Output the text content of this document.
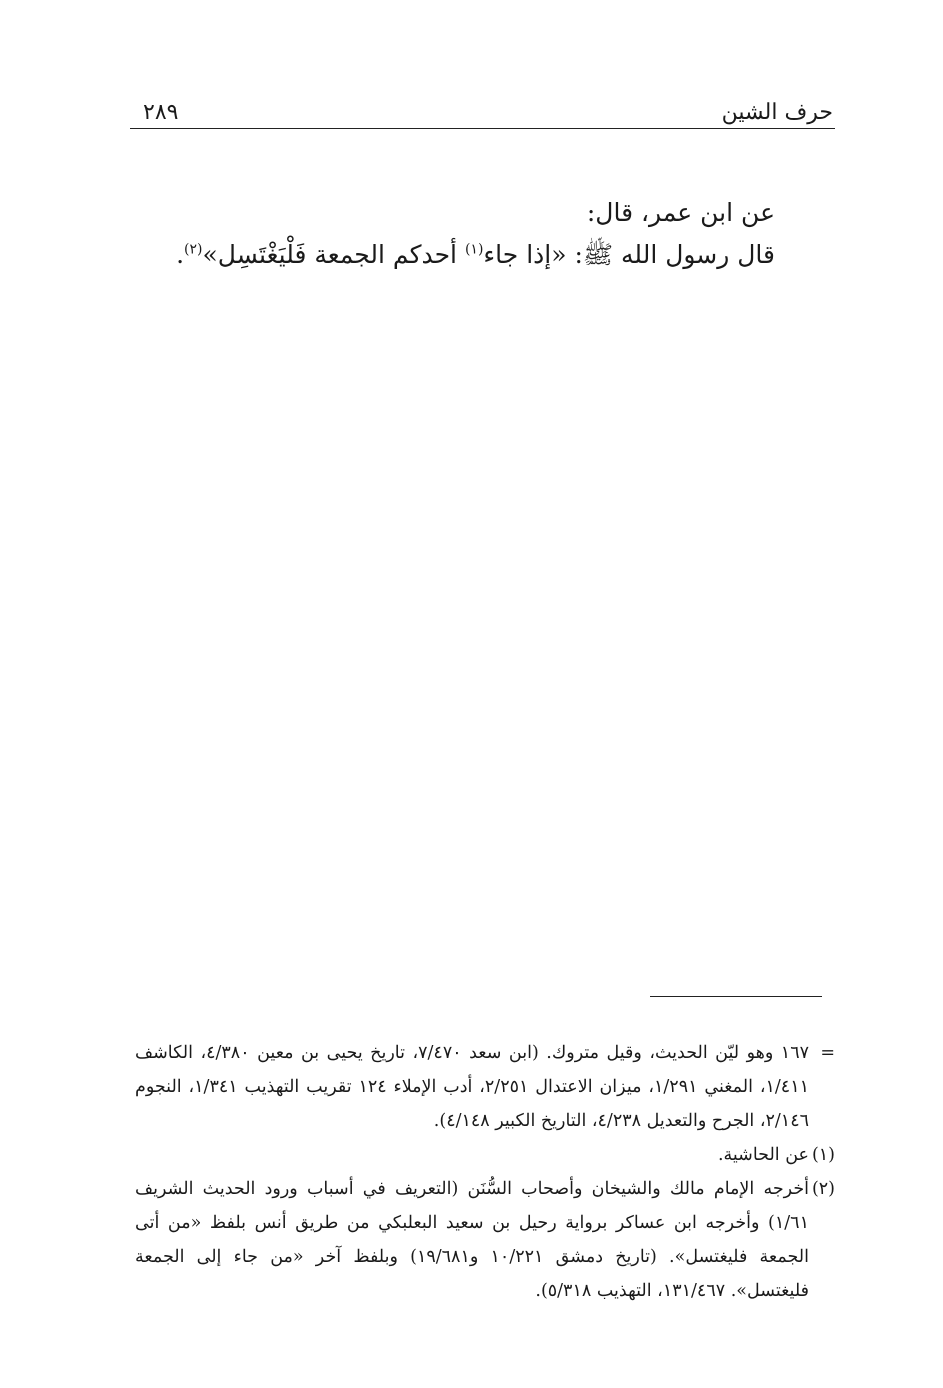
حرف الشين
٢٨٩

عن ابن عمر، قال:

قال رسول الله ﷺ: «إذا جاء$^{(١)}$ أحدكم الجمعة فَلْيَغْتَسِل»$^{(٢)}$.

=
١٦٧ وهو ليّن الحديث، وقيل متروك. (ابن سعد ٧/٤٧٠، تاريخ يحيى بن معين ٤/٣٨٠، الكاشف ١/٤١١، المغني ١/٢٩١، ميزان الاعتدال ٢/٢٥١، أدب الإملاء ١٢٤ تقريب التهذيب ١/٣٤١، النجوم ٢/١٤٦، الجرح والتعديل ٤/٢٣٨، التاريخ الكبير ٤/١٤٨).

(١)
عن الحاشية.

(٢)
أخرجه الإمام مالك والشيخان وأصحاب السُّنَن (التعريف في أسباب ورود الحديث الشريف ١/٦١) وأخرجه ابن عساكر برواية رحيل بن سعيد البعلبكي من طريق أنس بلفظ «من أتى الجمعة فليغتسل». (تاريخ دمشق ١٠/٢٢١ و١٩/٦٨١) وبلفظ آخر «من جاء إلى الجمعة فليغتسل». ١٣١/٤٦٧، التهذيب ٥/٣١٨).
